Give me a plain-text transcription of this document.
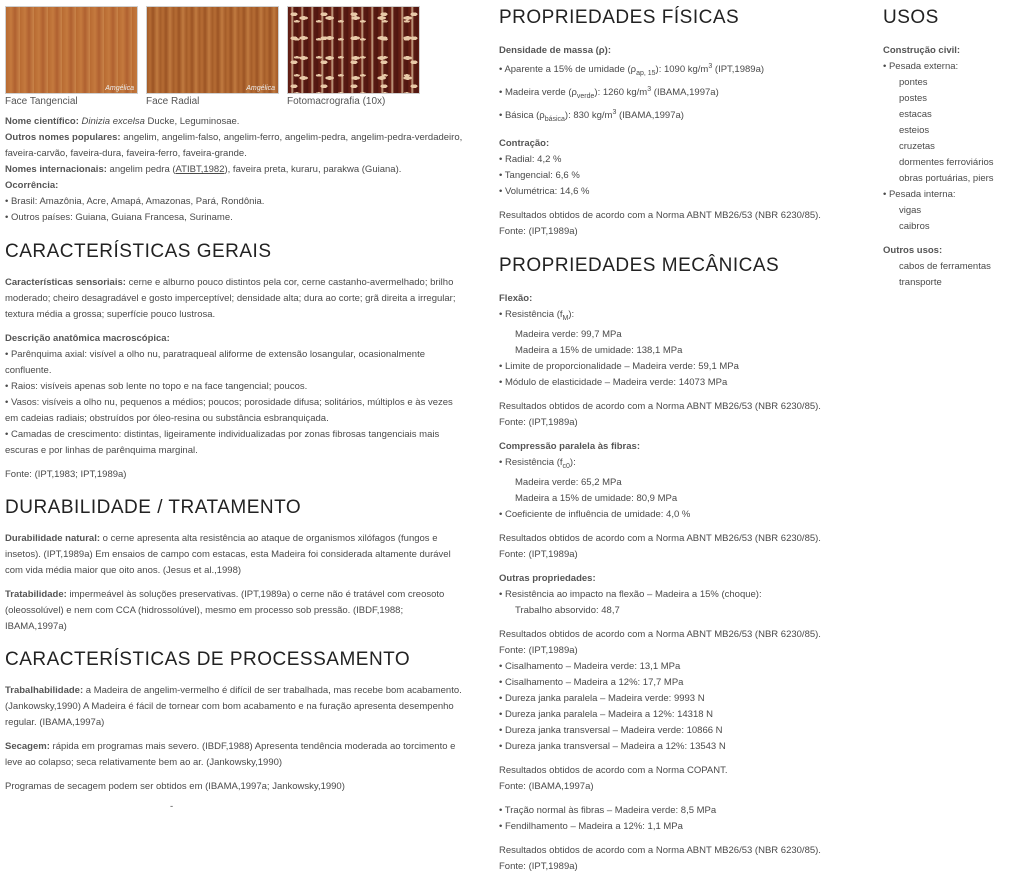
Amgélica
Face Tangencial
Amgélica
Face Radial	Fotomacrografia (10x)

Nome científico: Dinizia excelsa Ducke, Leguminosae.

Outros nomes populares: angelim, angelim-falso, angelim-ferro, angelim-pedra, angelim-pedra-verdadeiro, faveira-carvão, faveira-dura, faveira-ferro, faveira-grande.

Nomes internacionais: angelim pedra (ATIBT,1982), faveira preta, kuraru, parakwa (Guiana).

Ocorrência:

• Brasil: Amazônia, Acre, Amapá, Amazonas, Pará, Rondônia.

• Outros países: Guiana, Guiana Francesa, Suriname.

CARACTERÍSTICAS GERAIS

Características sensoriais: cerne e alburno pouco distintos pela cor, cerne castanho-avermelhado; brilho moderado; cheiro desagradável e gosto imperceptível; densidade alta; dura ao corte; grã direita a irregular; textura média a grossa; superfície pouco lustrosa.

Descrição anatômica macroscópica:

• Parênquima axial: visível a olho nu, paratraqueal aliforme de extensão losangular, ocasionalmente confluente.

• Raios: visíveis apenas sob lente no topo e na face tangencial; poucos.

• Vasos: visíveis a olho nu, pequenos a médios; poucos; porosidade difusa; solitários, múltiplos e às vezes em cadeias radiais; obstruídos por óleo-resina ou substância esbranquiçada.

• Camadas de crescimento: distintas, ligeiramente individualizadas por zonas fibrosas tangenciais mais escuras e por linhas de parênquima marginal.

Fonte: (IPT,1983; IPT,1989a)

DURABILIDADE / TRATAMENTO

Durabilidade natural: o cerne apresenta alta resistência ao ataque de organismos xilófagos (fungos e insetos). (IPT,1989a) Em ensaios de campo com estacas, esta Madeira foi considerada altamente durável com vida média maior que oito anos. (Jesus et al.,1998)

Tratabilidade: impermeável às soluções preservativas. (IPT,1989a) o cerne não é tratável com creosoto (oleossolúvel) e nem com CCA (hidrossolúvel), mesmo em processo sob pressão. (IBDF,1988; IBAMA,1997a)

CARACTERÍSTICAS DE PROCESSAMENTO

Trabalhabilidade: a Madeira de angelim-vermelho é difícil de ser trabalhada, mas recebe bom acabamento. (Jankowsky,1990) A Madeira é fácil de tornear com bom acabamento e na furação apresenta desempenho regular. (IBAMA,1997a)

Secagem: rápida em programas mais severo. (IBDF,1988) Apresenta tendência moderada ao torcimento e leve ao colapso; seca relativamente bem ao ar. (Jankowsky,1990)

Programas de secagem podem ser obtidos em (IBAMA,1997a; Jankowsky,1990)

-

PROPRIEDADES FÍSICAS

Densidade de massa (ρ):

• Aparente a 15% de umidade $(\rho_{ap, 15})$: 1090 $kg/m^3$ (IPT,1989a)

• Madeira verde $(\rho_{verde})$: 1260 $kg/m^3$ (IBAMA,1997a)

• Básica $(\rho_{básica})$: 830 $kg/m^3$ (IBAMA,1997a)

Contração:

• Radial: 4,2 %

• Tangencial: 6,6 %

• Volumétrica: 14,6 %

Resultados obtidos de acordo com a Norma ABNT MB26/53 (NBR 6230/85).

Fonte: (IPT,1989a)

PROPRIEDADES MECÂNICAS

Flexão:

• Resistência $(f_M)$:

Madeira verde: 99,7 MPa

Madeira a 15% de umidade: 138,1 MPa

• Limite de proporcionalidade – Madeira verde: 59,1 MPa

• Módulo de elasticidade – Madeira verde: 14073 MPa

Resultados obtidos de acordo com a Norma ABNT MB26/53 (NBR 6230/85).

Fonte: (IPT,1989a)

Compressão paralela às fibras:

• Resistência $(f_{c0})$:

Madeira verde: 65,2 MPa

Madeira a 15% de umidade: 80,9 MPa

• Coeficiente de influência de umidade: 4,0 %

Resultados obtidos de acordo com a Norma ABNT MB26/53 (NBR 6230/85).

Fonte: (IPT,1989a)

Outras propriedades:

• Resistência ao impacto na flexão – Madeira a 15% (choque):

Trabalho absorvido: 48,7

Resultados obtidos de acordo com a Norma ABNT MB26/53 (NBR 6230/85).

Fonte: (IPT,1989a)

• Cisalhamento – Madeira verde: 13,1 MPa

• Cisalhamento – Madeira a 12%: 17,7 MPa

• Dureza janka paralela – Madeira verde: 9993 N

• Dureza janka paralela – Madeira a 12%: 14318 N

• Dureza janka transversal – Madeira verde: 10866 N

• Dureza janka transversal – Madeira a 12%: 13543 N

Resultados obtidos de acordo com a Norma COPANT.

Fonte: (IBAMA,1997a)

• Tração normal às fibras – Madeira verde: 8,5 MPa

• Fendilhamento – Madeira a 12%: 1,1 MPa

Resultados obtidos de acordo com a Norma ABNT MB26/53 (NBR 6230/85).

Fonte: (IPT,1989a)

USOS

Construção civil:

• Pesada externa:

pontes

postes

estacas

esteios

cruzetas

dormentes ferroviários

obras portuárias, piers

• Pesada interna:

vigas

caibros

Outros usos:

cabos de ferramentas

transporte
